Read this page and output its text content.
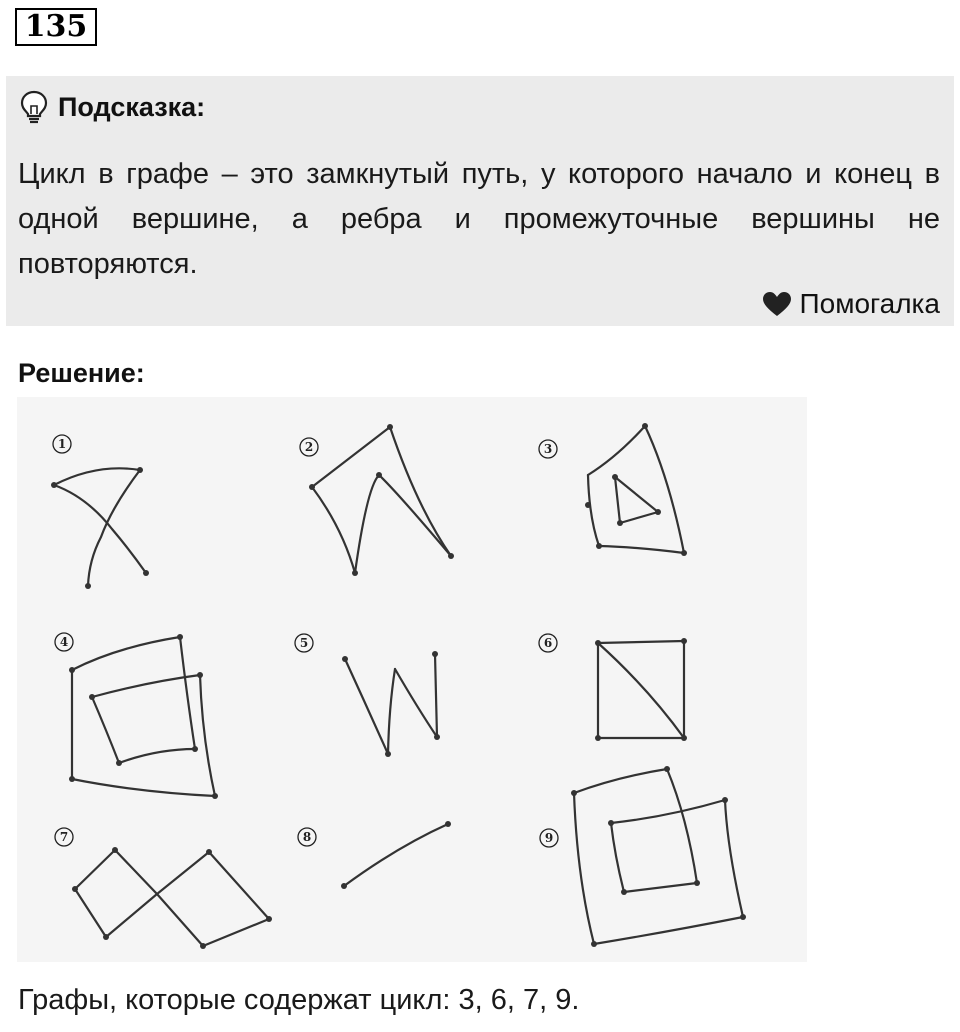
135
Подсказка:
Цикл в графе – это замкнутый путь, у которого начало и конец в одной вершине, а ребра и промежуточные вершины не повторяются.
Помогалка
Решение:
1	2	3
4	5	6
7	8	9
Графы, которые содержат цикл: 3, 6, 7, 9.
